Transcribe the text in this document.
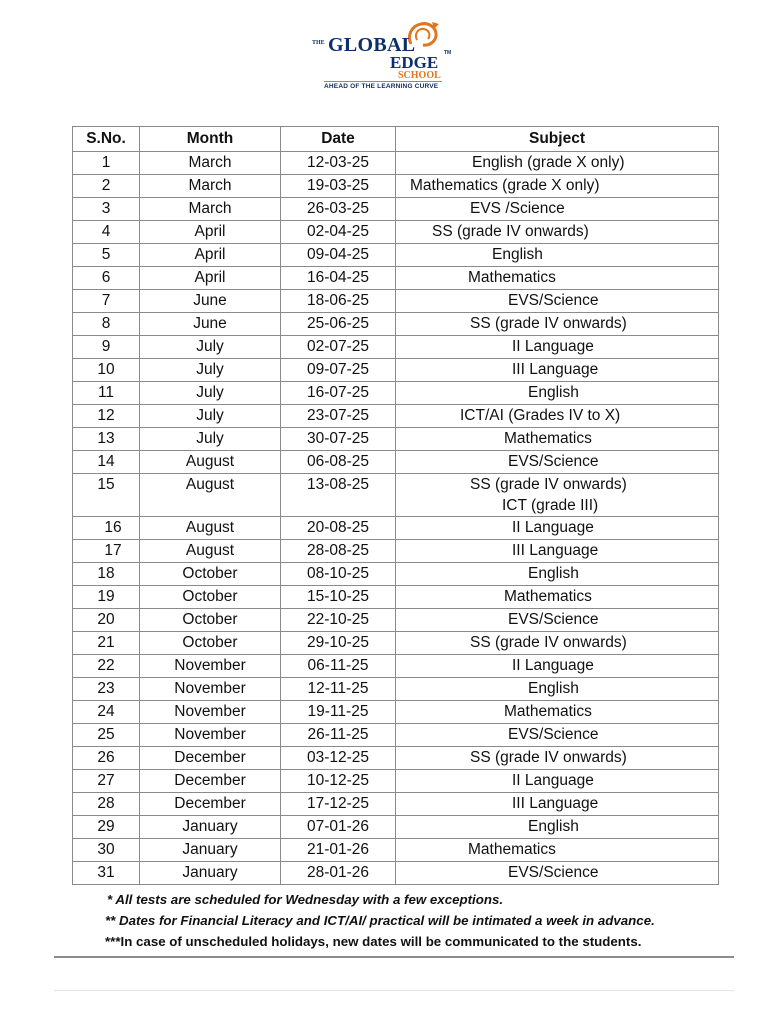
THE GLOBAL
EDGE TM
SCHOOL
AHEAD OF THE LEARNING CURVE
S.No.	Month	Date	Subject
1	March	12-03-25	English (grade X only)
2	March	19-03-25	Mathematics (grade X only)
3	March	26-03-25	EVS /Science
4	April	02-04-25	SS (grade IV onwards)
5	April	09-04-25	English
6	April	16-04-25	Mathematics
7	June	18-06-25	EVS/Science
8	June	25-06-25	SS (grade IV onwards)
9	July	02-07-25	II Language
10	July	09-07-25	III Language
11	July	16-07-25	English
12	July	23-07-25	ICT/AI (Grades IV to X)
13	July	30-07-25	Mathematics
14	August	06-08-25	EVS/Science
15	August	13-08-25	SS (grade IV onwards)
ICT (grade III)
16	August	20-08-25	II Language
17	August	28-08-25	III Language
18	October	08-10-25	English
19	October	15-10-25	Mathematics
20	October	22-10-25	EVS/Science
21	October	29-10-25	SS (grade IV onwards)
22	November	06-11-25	II Language
23	November	12-11-25	English
24	November	19-11-25	Mathematics
25	November	26-11-25	EVS/Science
26	December	03-12-25	SS (grade IV onwards)
27	December	10-12-25	II Language
28	December	17-12-25	III Language
29	January	07-01-26	English
30	January	21-01-26	Mathematics
31	January	28-01-26	EVS/Science
* All tests are scheduled for Wednesday with a few exceptions.
** Dates for Financial Literacy and ICT/AI/ practical will be intimated a week in advance.
***In case of unscheduled holidays, new dates will be communicated to the students.
